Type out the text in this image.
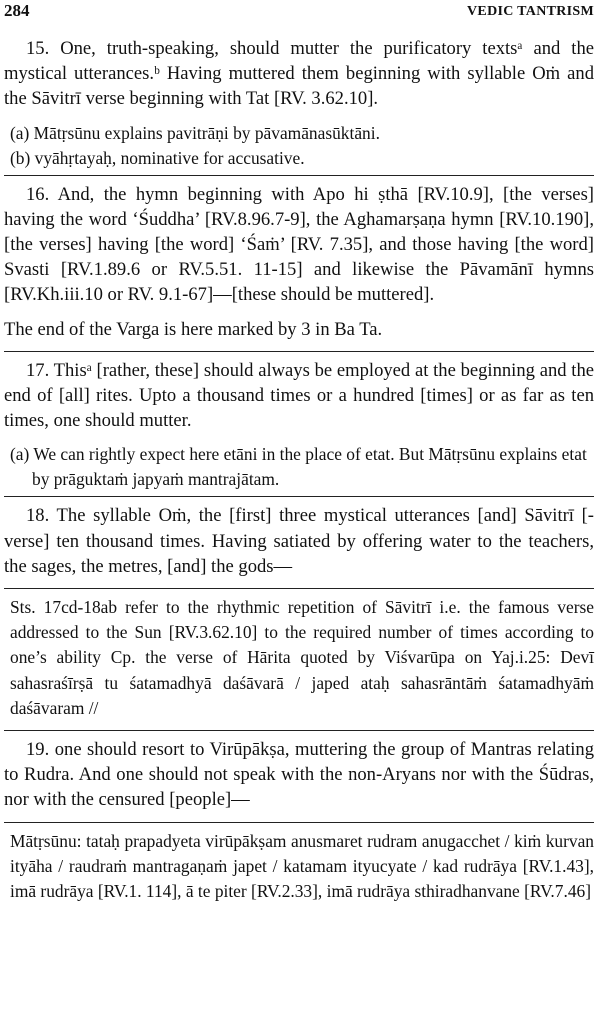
284	VEDIC TANTRISM

15. One, truth-speaking, should mutter the purificatory textsᵃ and the mystical utterances.ᵇ Having muttered them beginning with syllable Oṁ and the Sāvitrī verse beginning with Tat [RV. 3.62.10].

(a) Mātṛsūnu explains pavitrāṇi by pāvamānasūktāni.

(b) vyāhṛtayaḥ, nominative for accusative.

16. And, the hymn beginning with Apo hi ṣthā [RV.10.9], [the verses] having the word ‘Śuddha’ [RV.8.96.7-9], the Aghamarṣaṇa hymn [RV.10.190], [the verses] having [the word] ‘Śaṁ’ [RV. 7.35], and those having [the word] Svasti [RV.1.89.6 or RV.5.51. 11-15] and likewise the Pāvamānī hymns [RV.Kh.iii.10 or RV. 9.1-67]—[these should be muttered].

The end of the Varga is here marked by 3 in Ba Ta.

17. Thisᵃ [rather, these] should always be employed at the beginning and the end of [all] rites. Upto a thousand times or a hundred [times] or as far as ten times, one should mutter.

(a) We can rightly expect here etāni in the place of etat. But Mātṛsūnu explains etat by prāguktaṁ japyaṁ mantrajātam.

18. The syllable Oṁ, the [first] three mystical utterances [and] Sāvitrī [-verse] ten thousand times. Having satiated by offering water to the teachers, the sages, the metres, [and] the gods—

Sts. 17cd-18ab refer to the rhythmic repetition of Sāvitrī i.e. the famous verse addressed to the Sun [RV.3.62.10] to the required number of times according to one’s ability Cp. the verse of Hārita quoted by Viśvarūpa on Yaj.i.25: Devī sahasraśīrṣā tu śatamadhyā daśāvarā / japed ataḥ sahasrāntāṁ śatamadhyāṁ daśāvaram //

19. one should resort to Virūpākṣa, muttering the group of Mantras relating to Rudra. And one should not speak with the non-Aryans nor with the Śūdras, nor with the censured [people]—

Mātṛsūnu: tataḥ prapadyeta virūpākṣam anusmaret rudram anugacchet / kiṁ kurvan ityāha / raudraṁ mantragaṇaṁ japet / katamam ityucyate / kad rudrāya [RV.1.43], imā rudrāya [RV.1. 114], ā te piter [RV.2.33], imā rudrāya sthiradhanvane [RV.7.46]
